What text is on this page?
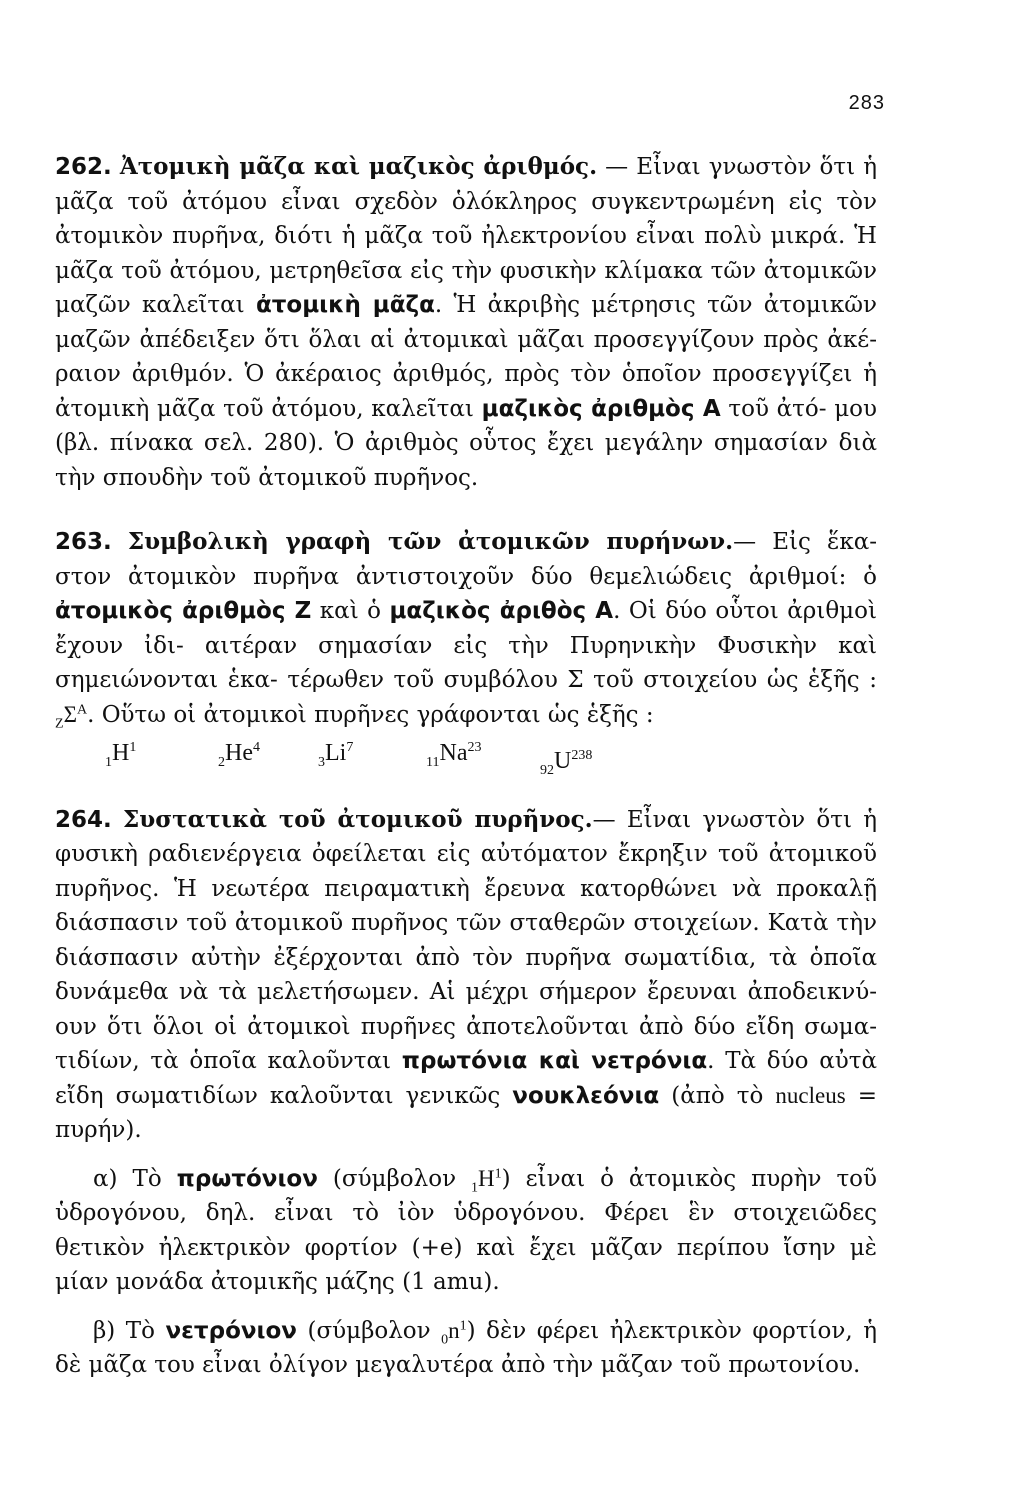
283

262. Ἀτομικὴ μᾶζα καὶ μαζικὸς ἀριθμός. — Εἶναι γνωστὸν ὅτι ἡ μᾶζα τοῦ ἀτόμου εἶναι σχεδὸν ὁλόκληρος συγκεντρωμένη εἰς τὸν ἀτομικὸν πυρῆνα, διότι ἡ μᾶζα τοῦ ἠλεκτρονίου εἶναι πολὺ μικρά. Ἡ μᾶζα τοῦ ἀτόμου, μετρηθεῖσα εἰς τὴν φυσικὴν κλίμακα τῶν ἀτομικῶν μαζῶν καλεῖται ἀτομικὴ μᾶζα. Ἡ ἀκριβὴς μέτρησις τῶν ἀτομικῶν μαζῶν ἀπέδειξεν ὅτι ὅλαι αἱ ἀτομικαὶ μᾶζαι προσεγγίζουν πρὸς ἀκέ- ραιον ἀριθμόν. Ὁ ἀκέραιος ἀριθμός, πρὸς τὸν ὁποῖον προσεγγίζει ἡ ἀτομικὴ μᾶζα τοῦ ἀτόμου, καλεῖται μαζικὸς ἀριθμὸς Α τοῦ ἀτό- μου (βλ. πίνακα σελ. 280). Ὁ ἀριθμὸς οὗτος ἔχει μεγάλην σημασίαν διὰ τὴν σπουδὴν τοῦ ἀτομικοῦ πυρῆνος.

263. Συμβολικὴ γραφὴ τῶν ἀτομικῶν πυρήνων.— Εἰς ἕκα- στον ἀτομικὸν πυρῆνα ἀντιστοιχοῦν δύο θεμελιώδεις ἀριθμοί: ὁ ἀτομικὸς ἀριθμὸς Ζ καὶ ὁ μαζικὸς ἀριθὸς Α. Οἱ δύο οὗτοι ἀριθμοὶ ἔχουν ἰδι- αιτέραν σημασίαν εἰς τὴν Πυρηνικὴν Φυσικὴν καὶ σημειώνονται ἑκα- τέρωθεν τοῦ συμβόλου Σ τοῦ στοιχείου ὡς ἑξῆς : $_Z\Sigma^A$. Οὕτω οἱ ἀτομικοὶ πυρῆνες γράφονται ὡς ἑξῆς :

$_1H^1$
$_2He^4$
$_3Li^7$
$_{11}Na^{23}$
$_{92}U^{238}$

264. Συστατικὰ τοῦ ἀτομικοῦ πυρῆνος.— Εἶναι γνωστὸν ὅτι ἡ φυσικὴ ραδιενέργεια ὀφείλεται εἰς αὐτόματον ἔκρηξιν τοῦ ἀτομικοῦ πυρῆνος. Ἡ νεωτέρα πειραματικὴ ἔρευνα κατορθώνει νὰ προκαλῇ διάσπασιν τοῦ ἀτομικοῦ πυρῆνος τῶν σταθερῶν στοιχείων. Κατὰ τὴν διάσπασιν αὐτὴν ἐξέρχονται ἀπὸ τὸν πυρῆνα σωματίδια, τὰ ὁποῖα δυνάμεθα νὰ τὰ μελετήσωμεν. Αἱ μέχρι σήμερον ἔρευναι ἀποδεικνύ- ουν ὅτι ὅλοι οἱ ἀτομικοὶ πυρῆνες ἀποτελοῦνται ἀπὸ δύο εἴδη σωμα- τιδίων, τὰ ὁποῖα καλοῦνται πρωτόνια καὶ νετρόνια. Τὰ δύο αὐτὰ εἴδη σωματιδίων καλοῦνται γενικῶς νουκλεόνια (ἀπὸ τὸ nucleus = πυρήν).

α) Τὸ πρωτόνιον (σύμβολον $_1H^1$) εἶναι ὁ ἀτομικὸς πυρὴν τοῦ ὑδρογόνου, δηλ. εἶναι τὸ ἰὸν ὑδρογόνου. Φέρει ἓν στοιχειῶδες θετικὸν ἠλεκτρικὸν φορτίον (+e) καὶ ἔχει μᾶζαν περίπου ἴσην μὲ μίαν μονάδα ἀτομικῆς μάζης (1 amu).

β) Τὸ νετρόνιον (σύμβολον $_0n^1$) δὲν φέρει ἠλεκτρικὸν φορτίον, ἡ δὲ μᾶζα του εἶναι ὀλίγον μεγαλυτέρα ἀπὸ τὴν μᾶζαν τοῦ πρωτονίου.
